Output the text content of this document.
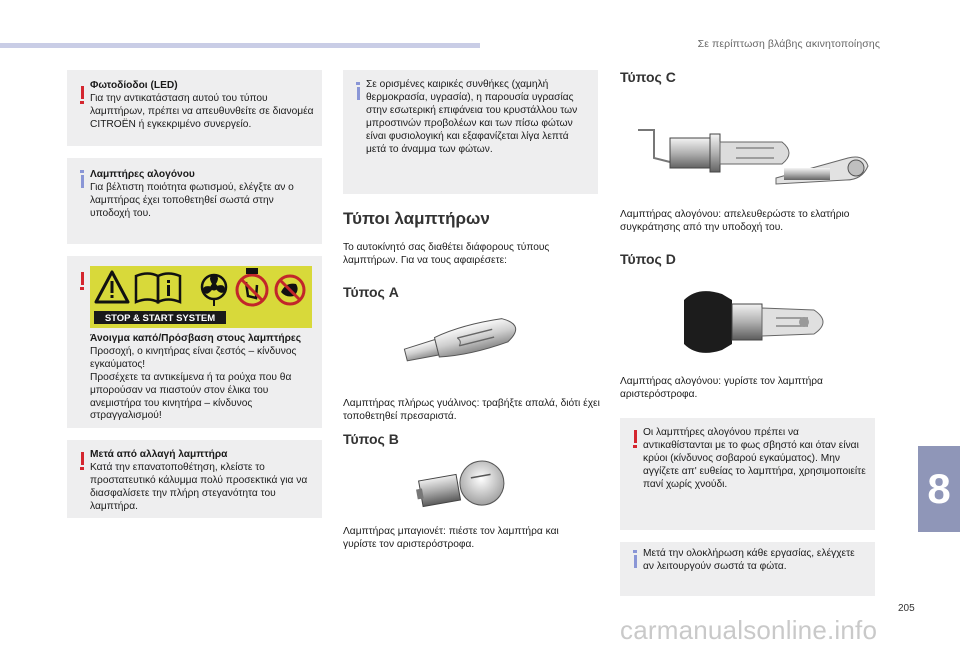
Σε περίπτωση βλάβης ακινητοποίησης
Φωτοδίοδοι (LED)
Για την αντικατάσταση αυτού του τύπου λαμπτήρων, πρέπει να απευθυνθείτε σε διανομέα CITROËN ή εγκεκριμένο συνεργείο.
Λαμπτήρες αλογόνου
Για βέλτιστη ποιότητα φωτισμού, ελέγξτε αν ο λαμπτήρας έχει τοποθετηθεί σωστά στην υποδοχή του.
STOP & START SYSTEM
Άνοιγμα καπό/Πρόσβαση στους λαμπτήρες
Προσοχή, ο κινητήρας είναι ζεστός – κίνδυνος εγκαύματος!
Προσέχετε τα αντικείμενα ή τα ρούχα που θα μπορούσαν να πιαστούν στον έλικα του ανεμιστήρα του κινητήρα – κίνδυνος στραγγαλισμού!
Μετά από αλλαγή λαμπτήρα
Κατά την επανατοποθέτηση, κλείστε το προστατευτικό κάλυμμα πολύ προσεκτικά για να διασφαλίσετε την πλήρη στεγανότητα του λαμπτήρα.
Σε ορισμένες καιρικές συνθήκες (χαμηλή θερμοκρασία, υγρασία), η παρουσία υγρασίας στην εσωτερική επιφάνεια του κρυστάλλου των μπροστινών προβολέων και των πίσω φώτων είναι φυσιολογική και εξαφανίζεται λίγα λεπτά μετά το άναμμα των φώτων.
Τύποι λαμπτήρων
Το αυτοκίνητό σας διαθέτει διάφορους τύπους λαμπτήρων. Για να τους αφαιρέσετε:
Τύπος A
Λαμπτήρας πλήρως γυάλινος: τραβήξτε απαλά, διότι έχει τοποθετηθεί πρεσαριστά.
Τύπος B
Λαμπτήρας μπαγιονέτ: πιέστε τον λαμπτήρα και γυρίστε τον αριστερόστροφα.
Τύπος C
Λαμπτήρας αλογόνου: απελευθερώστε το ελατήριο συγκράτησης από την υποδοχή του.
Τύπος D
Λαμπτήρας αλογόνου: γυρίστε τον λαμπτήρα αριστερόστροφα.
Οι λαμπτήρες αλογόνου πρέπει να αντικαθίστανται με το φως σβηστό και όταν είναι κρύοι (κίνδυνος σοβαρού εγκαύματος). Μην αγγίζετε απ' ευθείας το λαμπτήρα, χρησιμοποιείτε πανί χωρίς χνούδι.
Μετά την ολοκλήρωση κάθε εργασίας, ελέγχετε αν λειτουργούν σωστά τα φώτα.
8
205
carmanualsonline.info
